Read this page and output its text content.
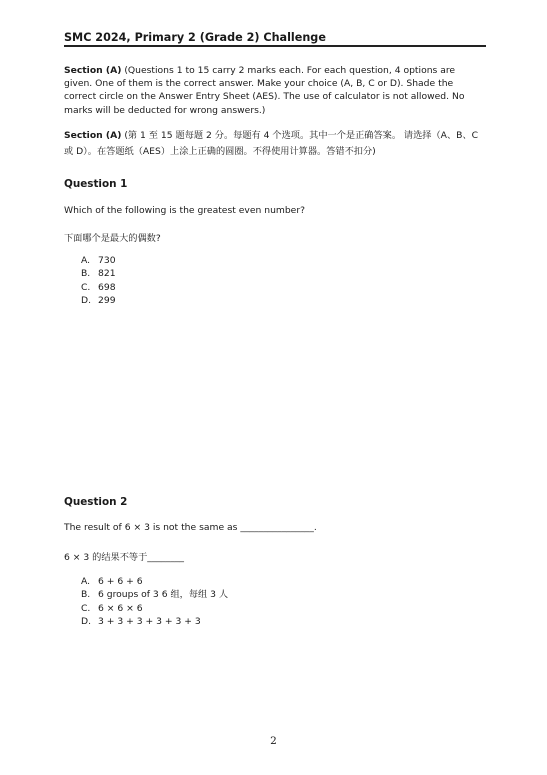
SMC 2024, Primary 2 (Grade 2) Challenge
Section (A) (Questions 1 to 15 carry 2 marks each. For each question, 4 options are given. One of them is the correct answer. Make your choice (A, B, C or D). Shade the correct circle on the Answer Entry Sheet (AES). The use of calculator is not allowed. No marks will be deducted for wrong answers.)
Section (A) (第 1 至 15 题每题 2 分。每题有 4 个选项。其中一个是正确答案。 请选择（A、B、C 或 D）。在答题纸（AES）上涂上正确的圆圈。不得使用计算器。答错不扣分)
Question 1
Which of the following is the greatest even number?
下面哪个是最大的偶数?
A. 730
B. 821
C. 698
D. 299
Question 2
The result of 6 × 3 is not the same as ________________.
6 × 3 的结果不等于________
A. 6 + 6 + 6
B. 6 groups of 3 6 组，每组 3 人
C. 6 × 6 × 6
D. 3 + 3 + 3 + 3 + 3 + 3
2
